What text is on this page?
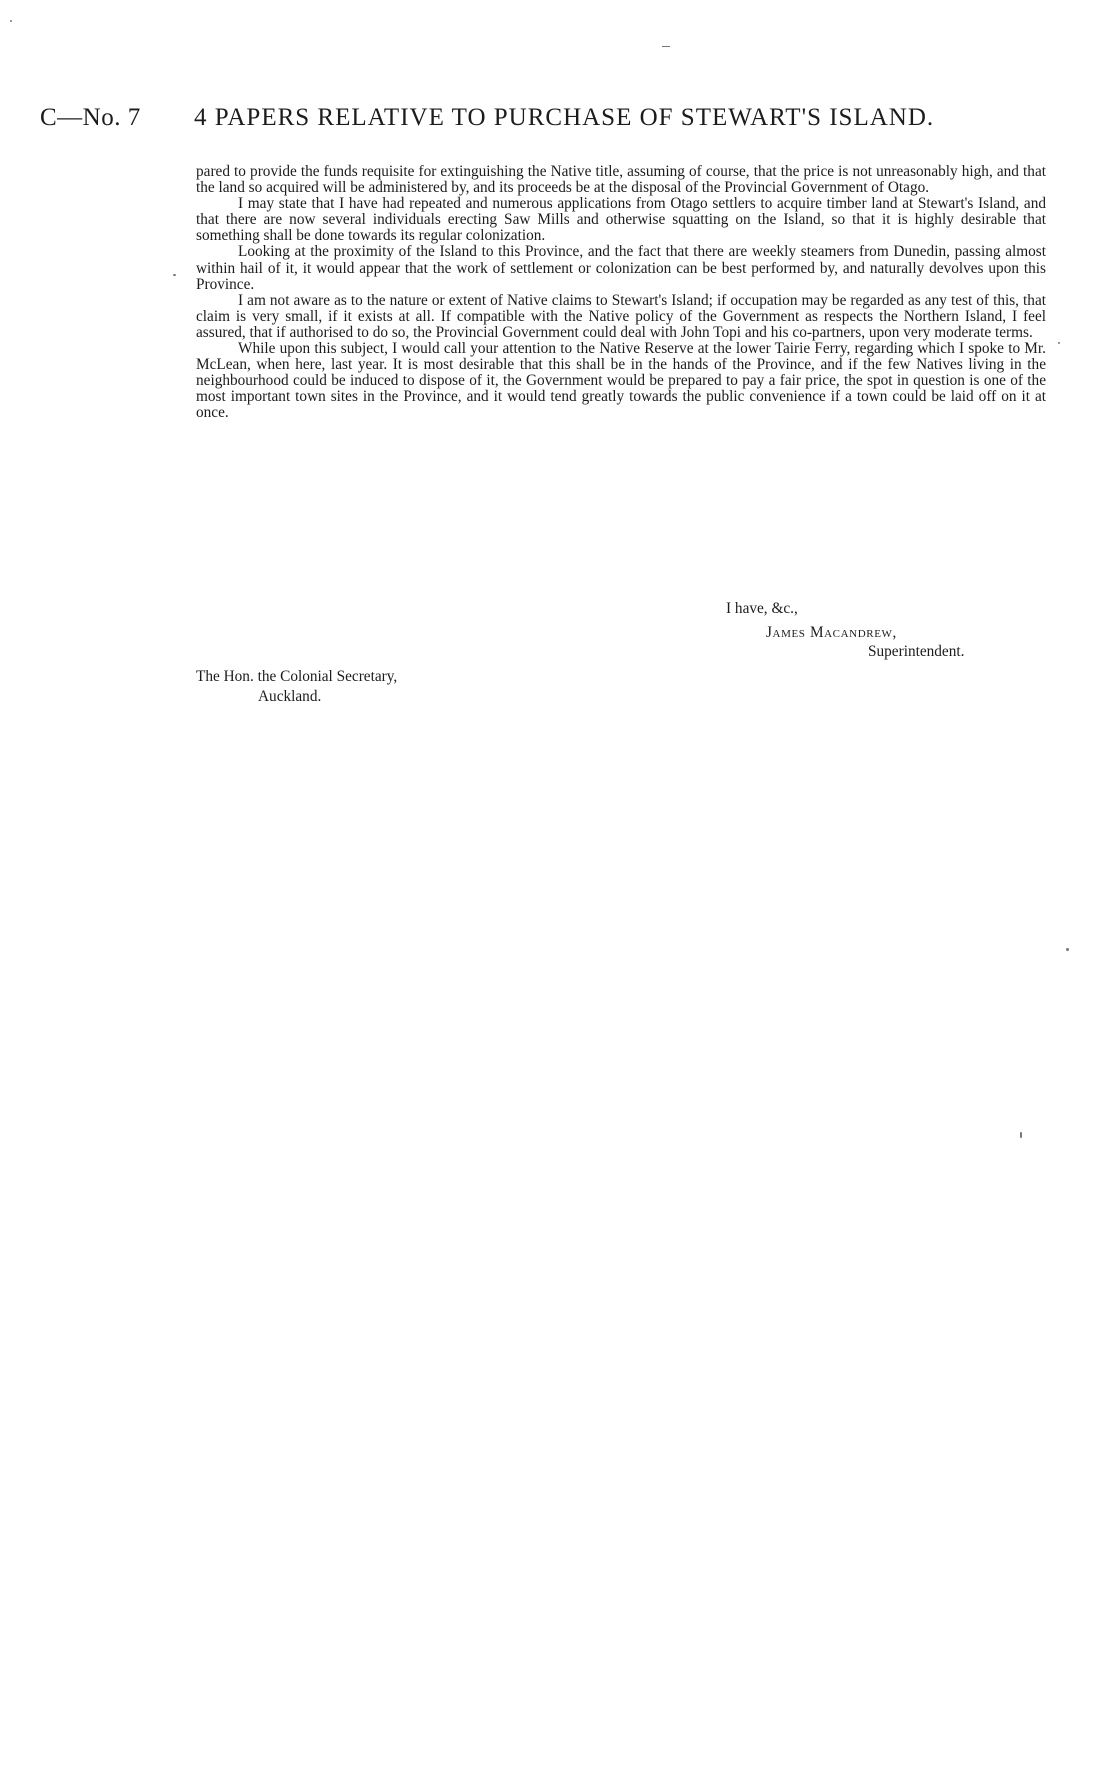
C—No. 7 4 PAPERS RELATIVE TO PURCHASE OF STEWART'S ISLAND.

pared to provide the funds requisite for extinguishing the Native title, assuming of course, that the price is not unreasonably high, and that the land so acquired will be administered by, and its proceeds be at the disposal of the Provincial Government of Otago.

I may state that I have had repeated and numerous applications from Otago settlers to acquire timber land at Stewart's Island, and that there are now several individuals erecting Saw Mills and otherwise squatting on the Island, so that it is highly desirable that something shall be done towards its regular colonization.

Looking at the proximity of the Island to this Province, and the fact that there are weekly steamers from Dunedin, passing almost within hail of it, it would appear that the work of settlement or colonization can be best performed by, and naturally devolves upon this Province.

I am not aware as to the nature or extent of Native claims to Stewart's Island; if occupation may be regarded as any test of this, that claim is very small, if it exists at all. If compatible with the Native policy of the Government as respects the Northern Island, I feel assured, that if authorised to do so, the Provincial Government could deal with John Topi and his co-partners, upon very moderate terms.

While upon this subject, I would call your attention to the Native Reserve at the lower Tairie Ferry, regarding which I spoke to Mr. McLean, when here, last year. It is most desirable that this shall be in the hands of the Province, and if the few Natives living in the neighbourhood could be induced to dispose of it, the Government would be prepared to pay a fair price, the spot in question is one of the most important town sites in the Province, and it would tend greatly towards the public convenience if a town could be laid off on it at once.

I have, &c.,
James Macandrew,
Superintendent.
The Hon. the Colonial Secretary,
Auckland.
